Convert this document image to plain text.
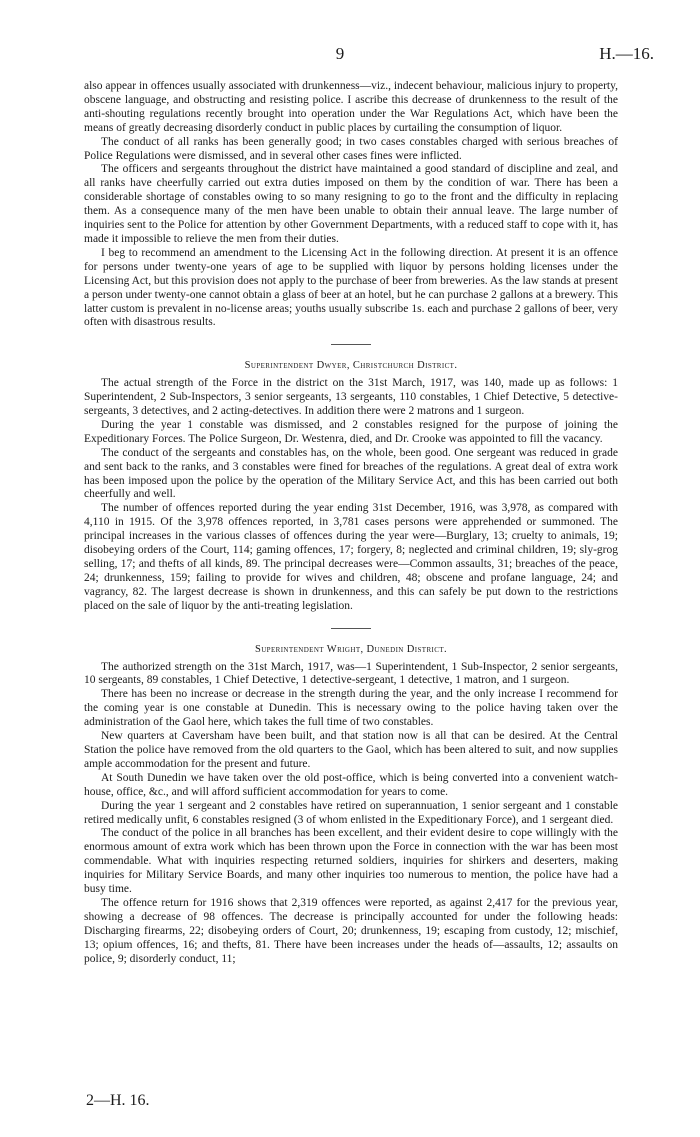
9	H.—16.

also appear in offences usually associated with drunkenness—viz., indecent behaviour, malicious injury to property, obscene language, and obstructing and resisting police. I ascribe this decrease of drunkenness to the result of the anti-shouting regulations recently brought into operation under the War Regulations Act, which have been the means of greatly decreasing disorderly conduct in public places by curtailing the consumption of liquor.

The conduct of all ranks has been generally good; in two cases constables charged with serious breaches of Police Regulations were dismissed, and in several other cases fines were inflicted.

The officers and sergeants throughout the district have maintained a good standard of discipline and zeal, and all ranks have cheerfully carried out extra duties imposed on them by the condition of war. There has been a considerable shortage of constables owing to so many resigning to go to the front and the difficulty in replacing them. As a consequence many of the men have been unable to obtain their annual leave. The large number of inquiries sent to the Police for attention by other Government Departments, with a reduced staff to cope with it, has made it impossible to relieve the men from their duties.

I beg to recommend an amendment to the Licensing Act in the following direction. At present it is an offence for persons under twenty-one years of age to be supplied with liquor by persons holding licenses under the Licensing Act, but this provision does not apply to the purchase of beer from breweries. As the law stands at present a person under twenty-one cannot obtain a glass of beer at an hotel, but he can purchase 2 gallons at a brewery. This latter custom is prevalent in no-license areas; youths usually subscribe 1s. each and purchase 2 gallons of beer, very often with disastrous results.

Superintendent Dwyer, Christchurch District.

The actual strength of the Force in the district on the 31st March, 1917, was 140, made up as follows: 1 Superintendent, 2 Sub-Inspectors, 3 senior sergeants, 13 sergeants, 110 constables, 1 Chief Detective, 5 detective-sergeants, 3 detectives, and 2 acting-detectives. In addition there were 2 matrons and 1 surgeon.

During the year 1 constable was dismissed, and 2 constables resigned for the purpose of joining the Expeditionary Forces. The Police Surgeon, Dr. Westenra, died, and Dr. Crooke was appointed to fill the vacancy.

The conduct of the sergeants and constables has, on the whole, been good. One sergeant was reduced in grade and sent back to the ranks, and 3 constables were fined for breaches of the regulations. A great deal of extra work has been imposed upon the police by the operation of the Military Service Act, and this has been carried out both cheerfully and well.

The number of offences reported during the year ending 31st December, 1916, was 3,978, as compared with 4,110 in 1915. Of the 3,978 offences reported, in 3,781 cases persons were apprehended or summoned. The principal increases in the various classes of offences during the year were—Burglary, 13; cruelty to animals, 19; disobeying orders of the Court, 114; gaming offences, 17; forgery, 8; neglected and criminal children, 19; sly-grog selling, 17; and thefts of all kinds, 89. The principal decreases were—Common assaults, 31; breaches of the peace, 24; drunkenness, 159; failing to provide for wives and children, 48; obscene and profane language, 24; and vagrancy, 82. The largest decrease is shown in drunkenness, and this can safely be put down to the restrictions placed on the sale of liquor by the anti-treating legislation.

Superintendent Wright, Dunedin District.

The authorized strength on the 31st March, 1917, was—1 Superintendent, 1 Sub-Inspector, 2 senior sergeants, 10 sergeants, 89 constables, 1 Chief Detective, 1 detective-sergeant, 1 detective, 1 matron, and 1 surgeon.

There has been no increase or decrease in the strength during the year, and the only increase I recommend for the coming year is one constable at Dunedin. This is necessary owing to the police having taken over the administration of the Gaol here, which takes the full time of two constables.

New quarters at Caversham have been built, and that station now is all that can be desired. At the Central Station the police have removed from the old quarters to the Gaol, which has been altered to suit, and now supplies ample accommodation for the present and future.

At South Dunedin we have taken over the old post-office, which is being converted into a convenient watch-house, office, &c., and will afford sufficient accommodation for years to come.

During the year 1 sergeant and 2 constables have retired on superannuation, 1 senior sergeant and 1 constable retired medically unfit, 6 constables resigned (3 of whom enlisted in the Expeditionary Force), and 1 sergeant died.

The conduct of the police in all branches has been excellent, and their evident desire to cope willingly with the enormous amount of extra work which has been thrown upon the Force in connection with the war has been most commendable. What with inquiries respecting returned soldiers, inquiries for shirkers and deserters, making inquiries for Military Service Boards, and many other inquiries too numerous to mention, the police have had a busy time.

The offence return for 1916 shows that 2,319 offences were reported, as against 2,417 for the previous year, showing a decrease of 98 offences. The decrease is principally accounted for under the following heads: Discharging firearms, 22; disobeying orders of Court, 20; drunkenness, 19; escaping from custody, 12; mischief, 13; opium offences, 16; and thefts, 81. There have been increases under the heads of—assaults, 12; assaults on police, 9; disorderly conduct, 11;

2—H. 16.
